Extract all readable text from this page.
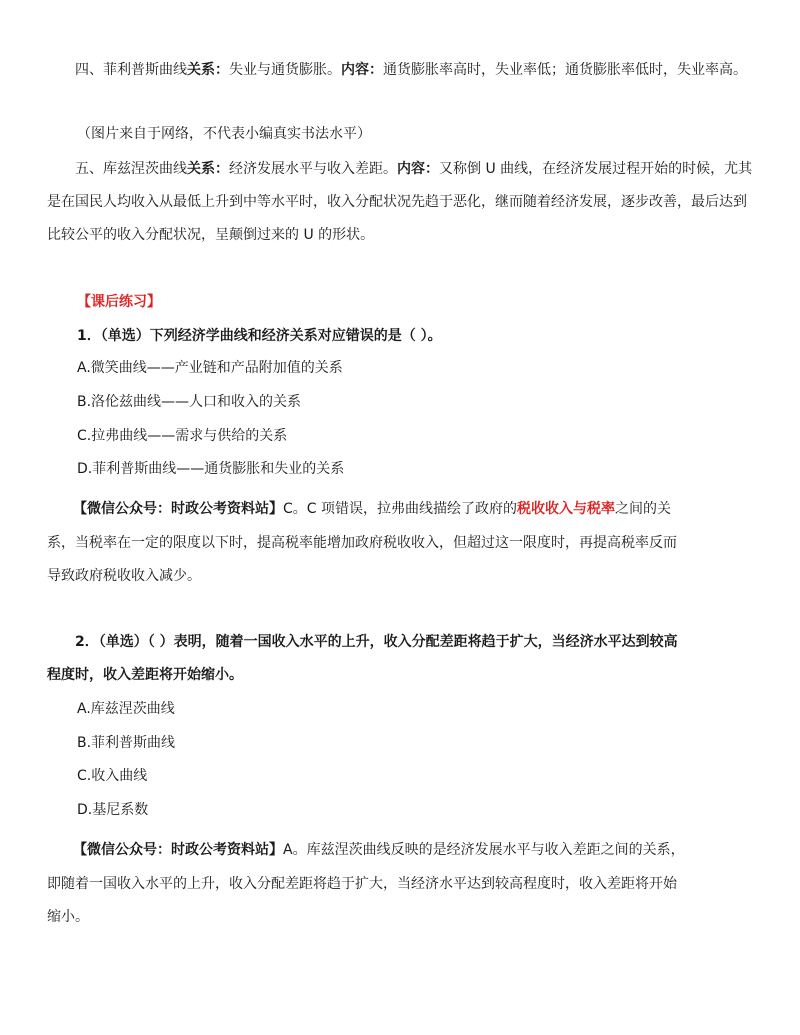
四、菲利普斯曲线关系：失业与通货膨胀。内容：通货膨胀率高时，失业率低；通货膨胀率低时，失业率高。
（图片来自于网络，不代表小编真实书法水平）
五、库兹涅茨曲线关系：经济发展水平与收入差距。内容：又称倒 U 曲线，在经济发展过程开始的时候，尤其
是在国民人均收入从最低上升到中等水平时，收入分配状况先趋于恶化，继而随着经济发展，逐步改善，最后达到
比较公平的收入分配状况，呈颠倒过来的 U 的形状。
【课后练习】
1．（单选）下列经济学曲线和经济关系对应错误的是（ ）。
A.微笑曲线——产业链和产品附加值的关系
B.洛伦兹曲线——人口和收入的关系
C.拉弗曲线——需求与供给的关系
D.菲利普斯曲线——通货膨胀和失业的关系
【微信公众号：时政公考资料站】C。C 项错误，拉弗曲线描绘了政府的税收收入与税率之间的关
系，当税率在一定的限度以下时，提高税率能增加政府税收收入，但超过这一限度时，再提高税率反而
导致政府税收收入减少。
2．（单选）（ ）表明，随着一国收入水平的上升，收入分配差距将趋于扩大，当经济水平达到较高
程度时，收入差距将开始缩小。
A.库兹涅茨曲线
B.菲利普斯曲线
C.收入曲线
D.基尼系数
【微信公众号：时政公考资料站】A。库兹涅茨曲线反映的是经济发展水平与收入差距之间的关系，
即随着一国收入水平的上升，收入分配差距将趋于扩大，当经济水平达到较高程度时，收入差距将开始
缩小。
